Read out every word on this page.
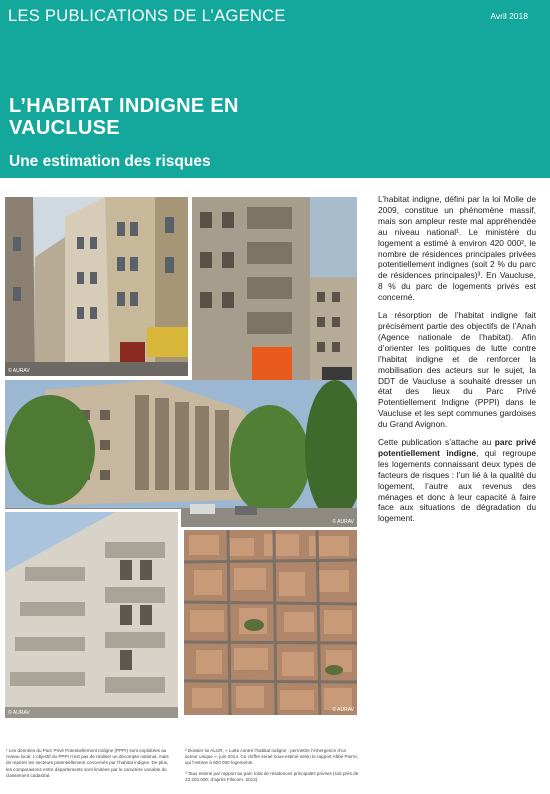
LES PUBLICATIONS DE L’AGENCE	Avril 2018
L’HABITAT INDIGNE EN VAUCLUSE
Une estimation des risques
© AURAV
© AURAV
© AURAV	© AURAV

L’habitat indigne, défini par la loi Molle de 2009, constitue un phénomène massif, mais son ampleur reste mal appréhendée au niveau national¹. Le ministère du logement a estimé à environ 420 000², le nombre de résidences principales privées potentiellement indignes (soit 2 % du parc de résidences principales)³. En Vaucluse, 8 % du parc de logements privés est concerné.

La résorption de l’habitat indigne fait précisément partie des objectifs de l’Anah (Agence nationale de l’habitat). Afin d’orienter les politiques de lutte contre l’habitat indigne et de renforcer la mobilisation des acteurs sur le sujet, la DDT de Vaucluse a souhaité dresser un état des lieux du Parc Privé Potentiellement Indigne (PPPI) dans le Vaucluse et les sept communes gardoises du Grand Avignon.

Cette publication s’attache au parc privé potentiellement indigne, qui regroupe les logements connaissant deux types de facteurs de risques : l’un lié à la qualité du logement, l’autre aux revenus des ménages et donc à leur capacité à faire face aux situations de dégradation du logement.

¹ Les données du Parc Privé Potentiellement Indigne (PPPI) sont exploitées au niveau local. L’objectif du PPPI n’est pas de réaliser un décompte national, mais de repérer les secteurs potentiellement concernés par l’habitat indigne. De plus, les comparaisons entre départements sont limitées par le caractère variable du classement cadastral.

² Dossier loi ALUR, « Lutte contre l’habitat indigne : permettre l’émergence d’un acteur unique », juin 2014. Ce chiffre serait sous-estimé selon le rapport Abbé Pierre, qui l’estime à 600 000 logements.

³ Taux estimé par rapport au parc total de résidences principales privées (soit près de 23 203 000, d’après Filocom, 2013).
